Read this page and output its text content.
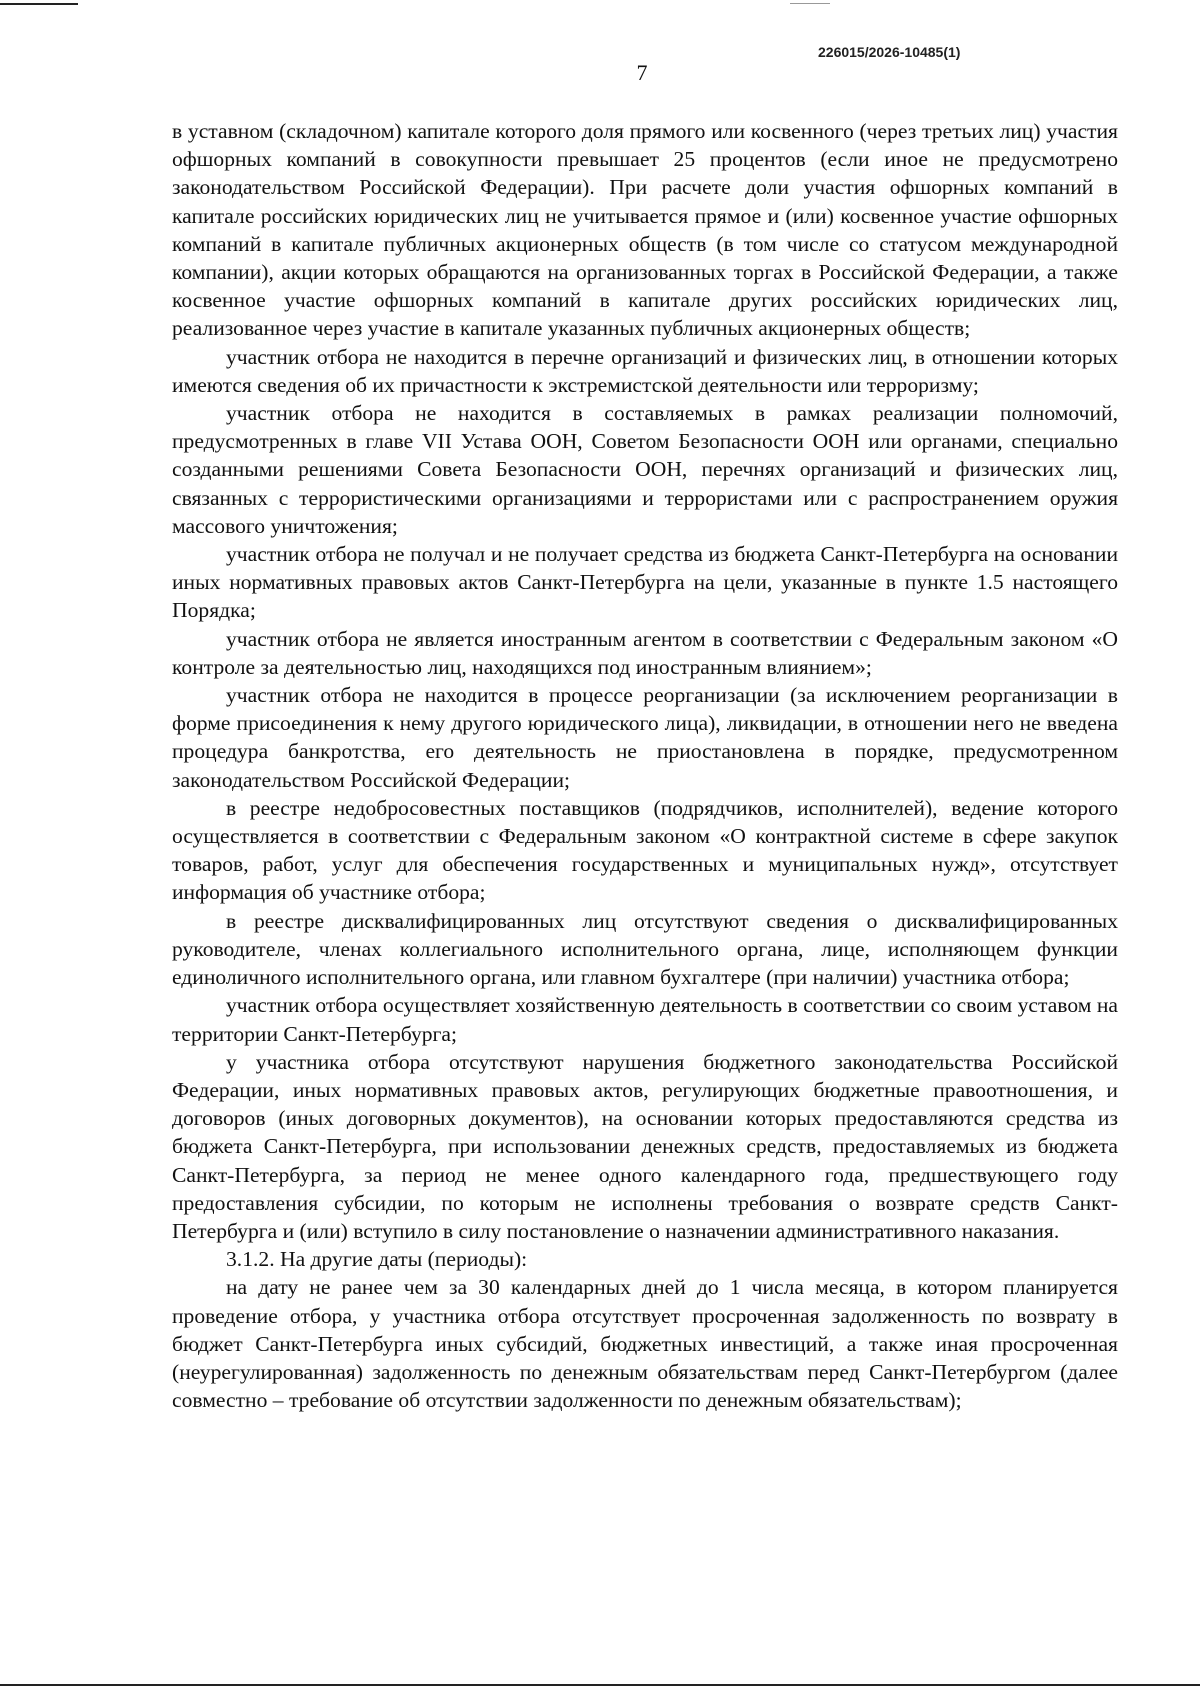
226015/2026-10485(1)
7

в уставном (складочном) капитале которого доля прямого или косвенного (через третьих лиц) участия офшорных компаний в совокупности превышает 25 процентов (если иное не предусмотрено законодательством Российской Федерации). При расчете доли участия офшорных компаний в капитале российских юридических лиц не учитывается прямое и (или) косвенное участие офшорных компаний в капитале публичных акционерных обществ (в том числе со статусом международной компании), акции которых обращаются на организованных торгах в Российской Федерации, а также косвенное участие офшорных компаний в капитале других российских юридических лиц, реализованное через участие в капитале указанных публичных акционерных обществ;

участник отбора не находится в перечне организаций и физических лиц, в отношении которых имеются сведения об их причастности к экстремистской деятельности или терроризму;

участник отбора не находится в составляемых в рамках реализации полномочий, предусмотренных в главе VII Устава ООН, Советом Безопасности ООН или органами, специально созданными решениями Совета Безопасности ООН, перечнях организаций и физических лиц, связанных с террористическими организациями и террористами или с распространением оружия массового уничтожения;

участник отбора не получал и не получает средства из бюджета Санкт-Петербурга на основании иных нормативных правовых актов Санкт-Петербурга на цели, указанные в пункте 1.5 настоящего Порядка;

участник отбора не является иностранным агентом в соответствии с Федеральным законом «О контроле за деятельностью лиц, находящихся под иностранным влиянием»;

участник отбора не находится в процессе реорганизации (за исключением реорганизации в форме присоединения к нему другого юридического лица), ликвидации, в отношении него не введена процедура банкротства, его деятельность не приостановлена в порядке, предусмотренном законодательством Российской Федерации;

в реестре недобросовестных поставщиков (подрядчиков, исполнителей), ведение которого осуществляется в соответствии с Федеральным законом «О контрактной системе в сфере закупок товаров, работ, услуг для обеспечения государственных и муниципальных нужд», отсутствует информация об участнике отбора;

в реестре дисквалифицированных лиц отсутствуют сведения о дисквалифицированных руководителе, членах коллегиального исполнительного органа, лице, исполняющем функции единоличного исполнительного органа, или главном бухгалтере (при наличии) участника отбора;

участник отбора осуществляет хозяйственную деятельность в соответствии со своим уставом на территории Санкт-Петербурга;

у участника отбора отсутствуют нарушения бюджетного законодательства Российской Федерации, иных нормативных правовых актов, регулирующих бюджетные правоотношения, и договоров (иных договорных документов), на основании которых предоставляются средства из бюджета Санкт-Петербурга, при использовании денежных средств, предоставляемых из бюджета Санкт-Петербурга, за период не менее одного календарного года, предшествующего году предоставления субсидии, по которым не исполнены требования о возврате средств Санкт-Петербурга и (или) вступило в силу постановление о назначении административного наказания.

3.1.2. На другие даты (периоды):

на дату не ранее чем за 30 календарных дней до 1 числа месяца, в котором планируется проведение отбора, у участника отбора отсутствует просроченная задолженность по возврату в бюджет Санкт-Петербурга иных субсидий, бюджетных инвестиций, а также иная просроченная (неурегулированная) задолженность по денежным обязательствам перед Санкт-Петербургом (далее совместно – требование об отсутствии задолженности по денежным обязательствам);
